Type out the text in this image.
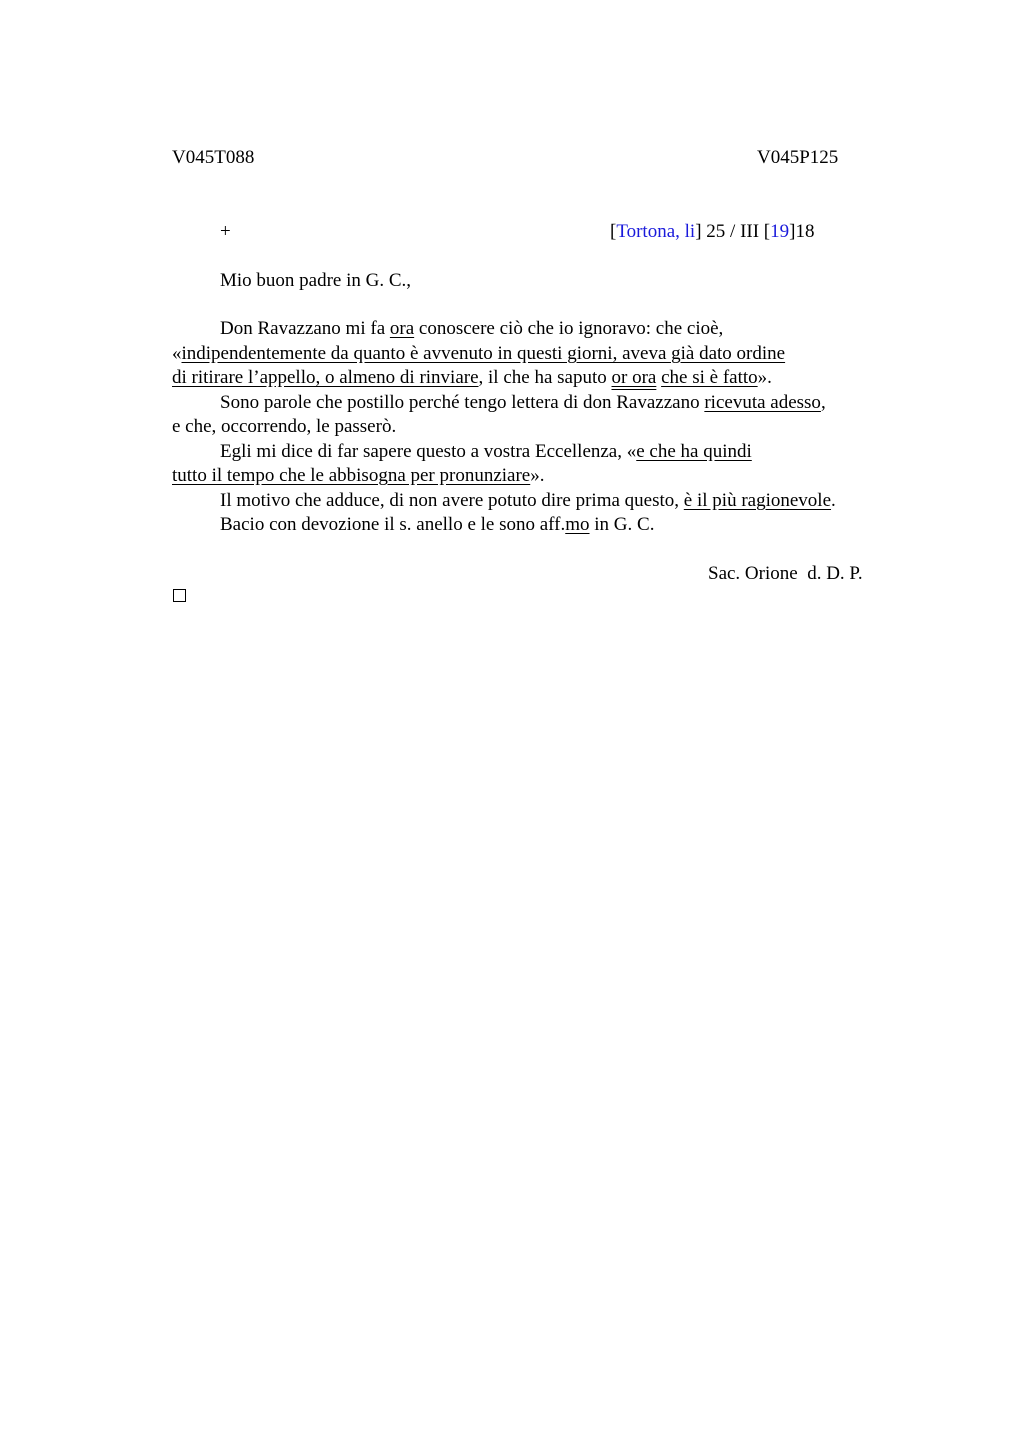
V045T088	V045P125
+	[Tortona, li] 25 / III [19]18
Mio buon padre in G. C.,
Don Ravazzano mi fa ora conoscere ciò che io ignoravo: che cioè,
«indipendentemente da quanto è avvenuto in questi giorni, aveva già dato ordine
di ritirare l’appello, o almeno di rinviare, il che ha saputo or ora che si è fatto».
Sono parole che postillo perché tengo lettera di don Ravazzano ricevuta adesso,
e che, occorrendo, le passerò.
Egli mi dice di far sapere questo a vostra Eccellenza, «e che ha quindi
tutto il tempo che le abbisogna per pronunziare».
Il motivo che adduce, di non avere potuto dire prima questo, è il più ragionevole.
Bacio con devozione il s. anello e le sono aff.mo in G. C.
Sac. Orione  d. D. P.
